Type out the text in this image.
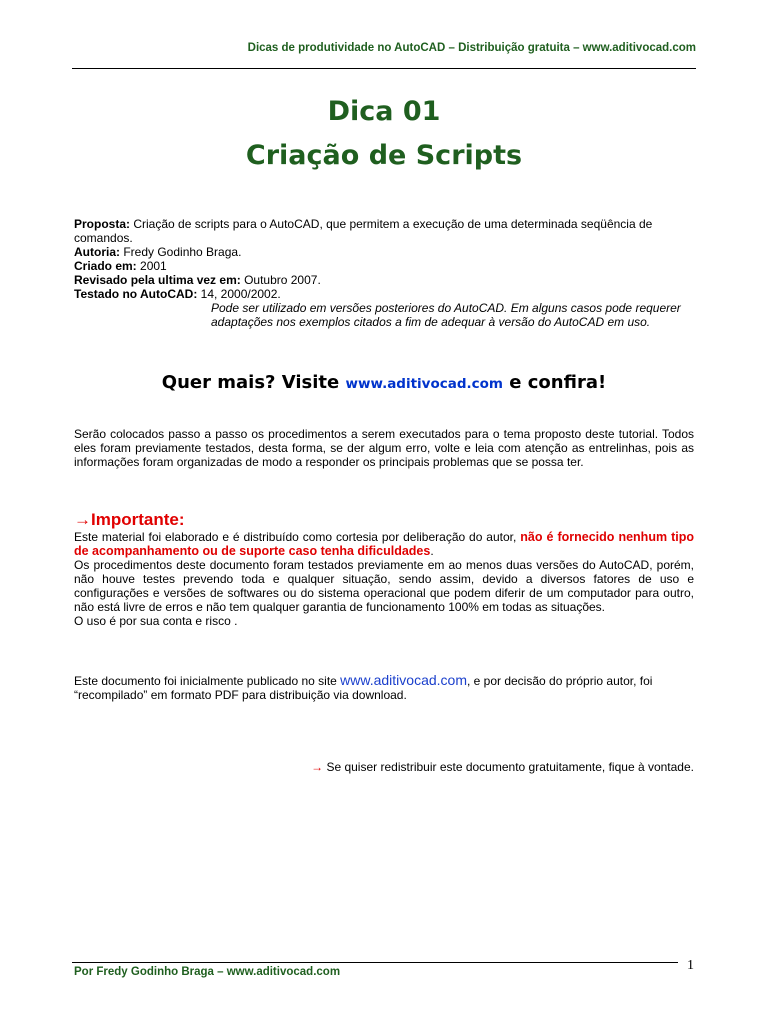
Dicas de produtividade no AutoCAD – Distribuição gratuita – www.aditivocad.com
Dica 01
Criação de Scripts
Proposta: Criação de scripts para o AutoCAD, que permitem a execução de uma determinada seqüência de comandos.
Autoria: Fredy Godinho Braga.
Criado em: 2001
Revisado pela ultima vez em: Outubro 2007.
Testado no AutoCAD: 14, 2000/2002.
Pode ser utilizado em versões posteriores do AutoCAD. Em alguns casos pode requerer adaptações nos exemplos citados a fim de adequar à versão do AutoCAD em uso.
Quer mais? Visite www.aditivocad.com e confira!
Serão colocados passo a passo os procedimentos a serem executados para o tema proposto deste tutorial. Todos eles foram previamente testados, desta forma, se der algum erro, volte e leia com atenção as entrelinhas, pois as informações foram organizadas de modo a responder os principais problemas que se possa ter.
→Importante:
Este material foi elaborado e é distribuído como cortesia por deliberação do autor, não é fornecido nenhum tipo de acompanhamento ou de suporte caso tenha dificuldades.
Os procedimentos deste documento foram testados previamente em ao menos duas versões do AutoCAD, porém, não houve testes prevendo toda e qualquer situação, sendo assim, devido a diversos fatores de uso e configurações e versões de softwares ou do sistema operacional que podem diferir de um computador para outro, não está livre de erros e não tem qualquer garantia de funcionamento 100% em todas as situações.
O uso é por sua conta e risco .
Este documento foi inicialmente publicado no site www.aditivocad.com, e por decisão do próprio autor, foi “recompilado” em formato PDF para distribuição via download.
→ Se quiser redistribuir este documento gratuitamente, fique à vontade.
Por Fredy Godinho Braga – www.aditivocad.com	1
